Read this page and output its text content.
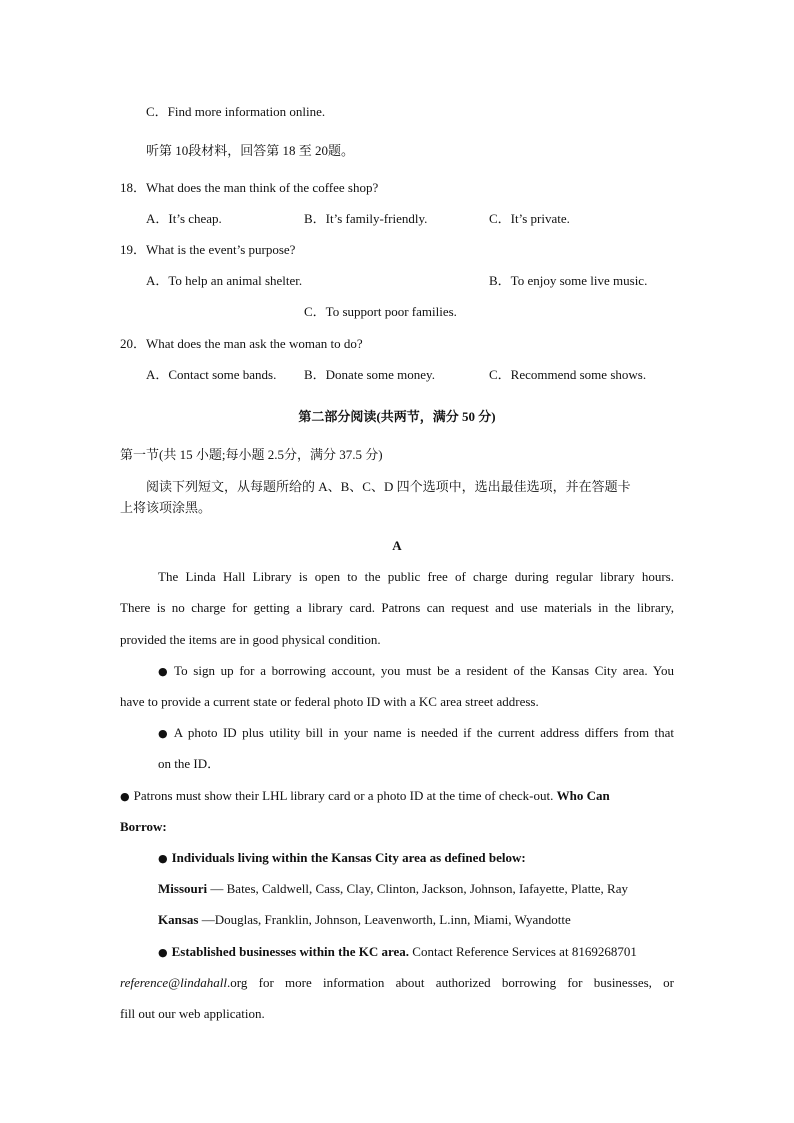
C．Find more information online.
听第 10段材料，回答第 18 至 20题。
18．What does the man think of the coffee shop?
A．It’s cheap.	B．It’s family-friendly.	C．It’s private.
19．What is the event’s purpose?
A．To help an animal shelter.	B．To enjoy some live music.
C．To support poor families.
20．What does the man ask the woman to do?
A．Contact some bands. B．Donate some money.	C．Recommend some shows.
第二部分阅读(共两节，满分 50 分)
第一节(共 15 小题;每小题 2.5分，满分 37.5 分)
阅读下列短文，从每题所给的 A、B、C、D 四个选项中，选出最佳选项，并在答题卡
上将该项涂黑。
A
The Linda Hall Library is open to the public free of charge during regular library hours.
There is no charge for getting a library card. Patrons can request and use materials in the library,
provided the items are in good physical condition.
● To sign up for a borrowing account, you must be a resident of the Kansas City area. You
have to provide a current state or federal photo ID with a KC area street address.
● A photo ID plus utility bill in your name is needed if the current address differs from that
on the ID．
● Patrons must show their LHL library card or a photo ID at the time of check-out. Who Can
Borrow:
● Individuals living within the Kansas City area as defined below:
Missouri — Bates, Caldwell, Cass, Clay, Clinton, Jackson, Johnson, Iafayette, Platte, Ray
Kansas —Douglas, Franklin, Johnson, Leavenworth, L.inn, Miami, Wyandotte
● Established businesses within the KC area. Contact Reference Services at 8169268701
reference@lindahall.org for more information about authorized borrowing for businesses, or
fill out our web application.
